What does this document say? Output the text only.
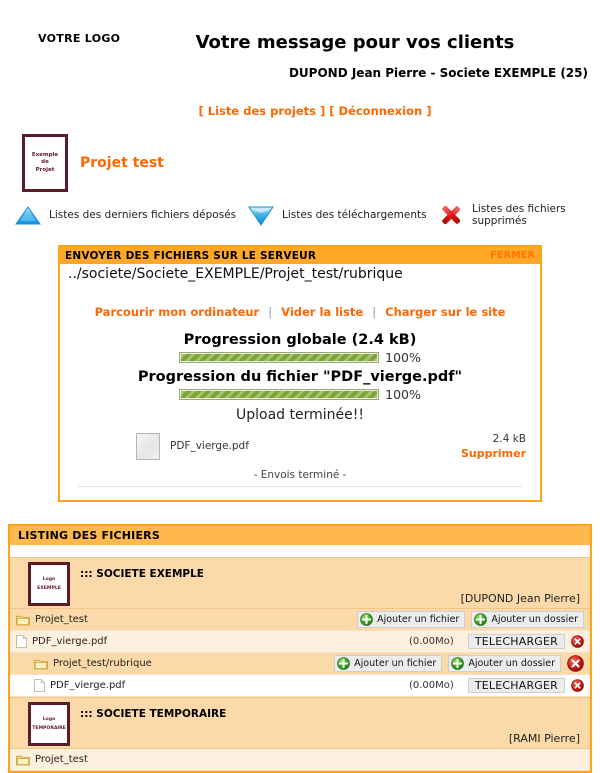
VOTRE LOGO	Votre message pour vos clients
DUPOND Jean Pierre - Societe EXEMPLE (25)
[ Liste des projets ] [ Déconnexion ]
Exemple
de
Projet Projet test
Listes des derniers fichiers déposés	Listes des téléchargements	Listes des fichiers supprimés
ENVOYER DES FICHIERS SUR LE SERVEUR	FERMER
../societe/Societe_EXEMPLE/Projet_test/rubrique
Parcourir mon ordinateur | Vider la liste | Charger sur le site
Progression globale (2.4 kB)
100%
Progression du fichier "PDF_vierge.pdf"
100%
Upload terminée!!
PDF_vierge.pdf
2.4 kB
Supprimer
- Envois terminé -
LISTING DES FICHIERS
Logo
EXEMPLE
::: SOCIETE EXEMPLE
[DUPOND Jean Pierre]
Projet_test	Ajouter un fichier	Ajouter un dossier
PDF_vierge.pdf	(0.00Mo)	TELECHARGER
Projet_test/rubrique	Ajouter un fichier	Ajouter un dossier
PDF_vierge.pdf	(0.00Mo)	TELECHARGER
Logo
TEMPORAIRE
::: SOCIETE TEMPORAIRE
[RAMI Pierre]
Projet_test
